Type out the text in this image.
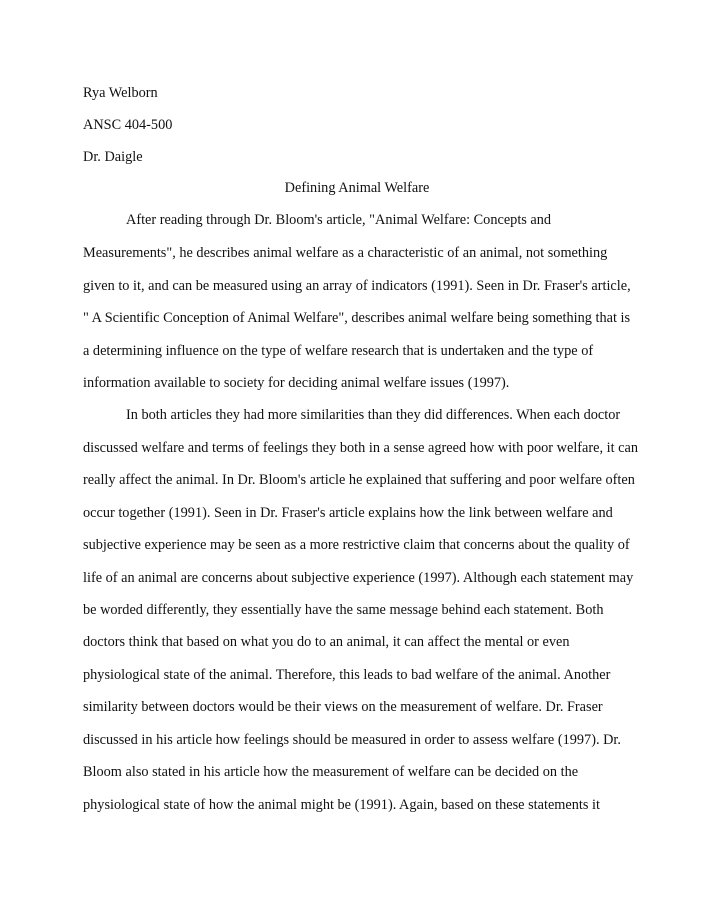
Rya Welborn

ANSC 404-500

Dr. Daigle

Defining Animal Welfare

After reading through Dr. Bloom's article, "Animal Welfare: Concepts and

Measurements", he describes animal welfare as a characteristic of an animal, not something

given to it, and can be measured using an array of indicators (1991). Seen in Dr. Fraser's article,

" A Scientific Conception of Animal Welfare", describes animal welfare being something that is

a determining influence on the type of welfare research that is undertaken and the type of

information available to society for deciding animal welfare issues (1997).

In both articles they had more similarities than they did differences. When each doctor

discussed welfare and terms of feelings they both in a sense agreed how with poor welfare, it can

really affect the animal. In Dr. Bloom's article he explained that suffering and poor welfare often

occur together (1991). Seen in Dr. Fraser's article explains how the link between welfare and

subjective experience may be seen as a more restrictive claim that concerns about the quality of

life of an animal are concerns about subjective experience (1997). Although each statement may

be worded differently, they essentially have the same message behind each statement. Both

doctors think that based on what you do to an animal, it can affect the mental or even

physiological state of the animal. Therefore, this leads to bad welfare of the animal. Another

similarity between doctors would be their views on the measurement of welfare. Dr. Fraser

discussed in his article how feelings should be measured in order to assess welfare (1997). Dr.

Bloom also stated in his article how the measurement of welfare can be decided on the

physiological state of how the animal might be (1991). Again, based on these statements it
